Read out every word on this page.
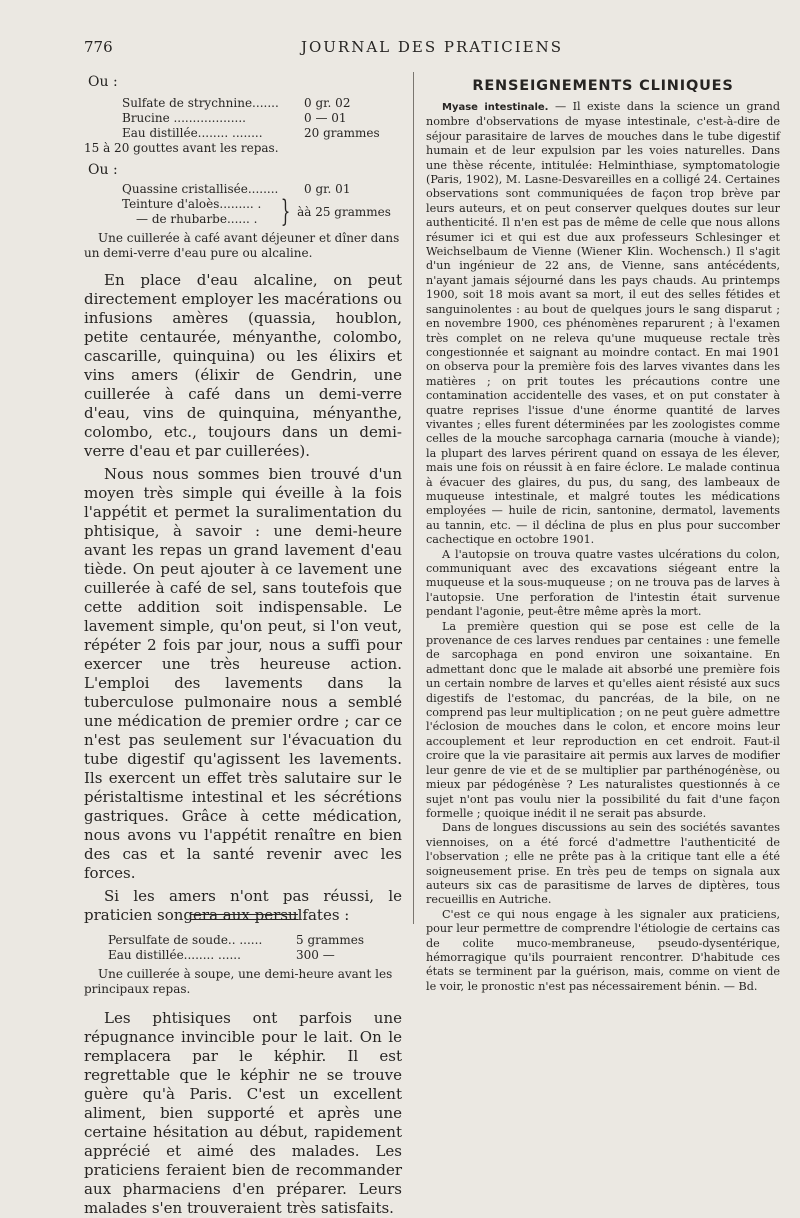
776	JOURNAL DES PRATICIENS
Ou :
Sulfate de strychnine.......	0 gr. 02
Brucine ...................	0 — 01
Eau distillée........ ........	20 grammes
15 à 20 gouttes avant les repas.
Ou :
Quassine cristallisée........	0 gr. 01
Teinture d'aloès......... .
— de rhubarbe...... . } àà 25 grammes
Une cuillerée à café avant déjeuner et dîner dans un demi-verre d'eau pure ou alcaline.

En place d'eau alcaline, on peut directement employer les macérations ou infusions amères (quassia, houblon, petite centaurée, ményanthe, colombo, cascarille, quinquina) ou les élixirs et vins amers (élixir de Gendrin, une cuillerée à café dans un demi-verre d'eau, vins de quinquina, ményanthe, colombo, etc., toujours dans un demi-verre d'eau et par cuillerées).

Nous nous sommes bien trouvé d'un moyen très simple qui éveille à la fois l'appétit et permet la suralimentation du phtisique, à savoir : une demi-heure avant les repas un grand lavement d'eau tiède. On peut ajouter à ce lavement une cuillerée à café de sel, sans toutefois que cette addition soit indispensable. Le lavement simple, qu'on peut, si l'on veut, répéter 2 fois par jour, nous a suffi pour exercer une très heureuse action. L'emploi des lavements dans la tuberculose pulmonaire nous a semblé une médication de premier ordre ; car ce n'est pas seulement sur l'évacuation du tube digestif qu'agissent les lavements. Ils exercent un effet très salutaire sur le péristaltisme intestinal et les sécrétions gastriques. Grâce à cette médication, nous avons vu l'appétit renaître en bien des cas et la santé revenir avec les forces.

Si les amers n'ont pas réussi, le praticien songera aux persulfates :

Persulfate de soude.. ......	5 grammes
Eau distillée........ ......	300 —
Une cuillerée à soupe, une demi-heure avant les principaux repas.

Les phtisiques ont parfois une répugnance invincible pour le lait. On le remplacera par le képhir. Il est regrettable que le képhir ne se trouve guère qu'à Paris. C'est un excellent aliment, bien supporté et après une certaine hésitation au début, rapidement apprécié et aimé des malades. Les praticiens feraient bien de recommander aux pharmaciens d'en préparer. Leurs malades s'en trouveraient très satisfaits.

RENSEIGNEMENTS CLINIQUES

Myase intestinale. — Il existe dans la science un grand nombre d'observations de myase intestinale, c'est-à-dire de séjour parasitaire de larves de mouches dans le tube digestif humain et de leur expulsion par les voies naturelles. Dans une thèse récente, intitulée: Helminthiase, symptomatologie (Paris, 1902), M. Lasne-Desvareilles en a colligé 24. Certaines observations sont communiquées de façon trop brève par leurs auteurs, et on peut conserver quelques doutes sur leur authenticité. Il n'en est pas de même de celle que nous allons résumer ici et qui est due aux professeurs Schlesinger et Weichselbaum de Vienne (Wiener Klin. Wochensch.) Il s'agit d'un ingénieur de 22 ans, de Vienne, sans antécédents, n'ayant jamais séjourné dans les pays chauds. Au printemps 1900, soit 18 mois avant sa mort, il eut des selles fétides et sanguinolentes : au bout de quelques jours le sang disparut ; en novembre 1900, ces phénomènes reparurent ; à l'examen très complet on ne releva qu'une muqueuse rectale très congestionnée et saignant au moindre contact. En mai 1901 on observa pour la première fois des larves vivantes dans les matières ; on prit toutes les précautions contre une contamination accidentelle des vases, et on put constater à quatre reprises l'issue d'une énorme quantité de larves vivantes ; elles furent déterminées par les zoologistes comme celles de la mouche sarcophaga carnaria (mouche à viande); la plupart des larves périrent quand on essaya de les élever, mais une fois on réussit à en faire éclore. Le malade continua à évacuer des glaires, du pus, du sang, des lambeaux de muqueuse intestinale, et malgré toutes les médications employées — huile de ricin, santonine, dermatol, lavements au tannin, etc. — il déclina de plus en plus pour succomber cachectique en octobre 1901.

A l'autopsie on trouva quatre vastes ulcérations du colon, communiquant avec des excavations siégeant entre la muqueuse et la sous-muqueuse ; on ne trouva pas de larves à l'autopsie. Une perforation de l'intestin était survenue pendant l'agonie, peut-être même après la mort.

La première question qui se pose est celle de la provenance de ces larves rendues par centaines : une femelle de sarcophaga en pond environ une soixantaine. En admettant donc que le malade ait absorbé une première fois un certain nombre de larves et qu'elles aient résisté aux sucs digestifs de l'estomac, du pancréas, de la bile, on ne comprend pas leur multiplication ; on ne peut guère admettre l'éclosion de mouches dans le colon, et encore moins leur accouplement et leur reproduction en cet endroit. Faut-il croire que la vie parasitaire ait permis aux larves de modifier leur genre de vie et de se multiplier par parthénogénèse, ou mieux par pédogénèse ? Les naturalistes questionnés à ce sujet n'ont pas voulu nier la possibilité du fait d'une façon formelle ; quoique inédit il ne serait pas absurde.

Dans de longues discussions au sein des sociétés savantes viennoises, on a été forcé d'admettre l'authenticité de l'observation ; elle ne prête pas à la critique tant elle a été soigneusement prise. En très peu de temps on signala aux auteurs six cas de parasitisme de larves de diptères, tous recueillis en Autriche.

C'est ce qui nous engage à les signaler aux praticiens, pour leur permettre de comprendre l'étiologie de certains cas de colite muco-membraneuse, pseudo-dysentérique, hémorragique qu'ils pourraient rencontrer. D'habitude ces états se terminent par la guérison, mais, comme on vient de le voir, le pronostic n'est pas nécessairement bénin. — Bd.
